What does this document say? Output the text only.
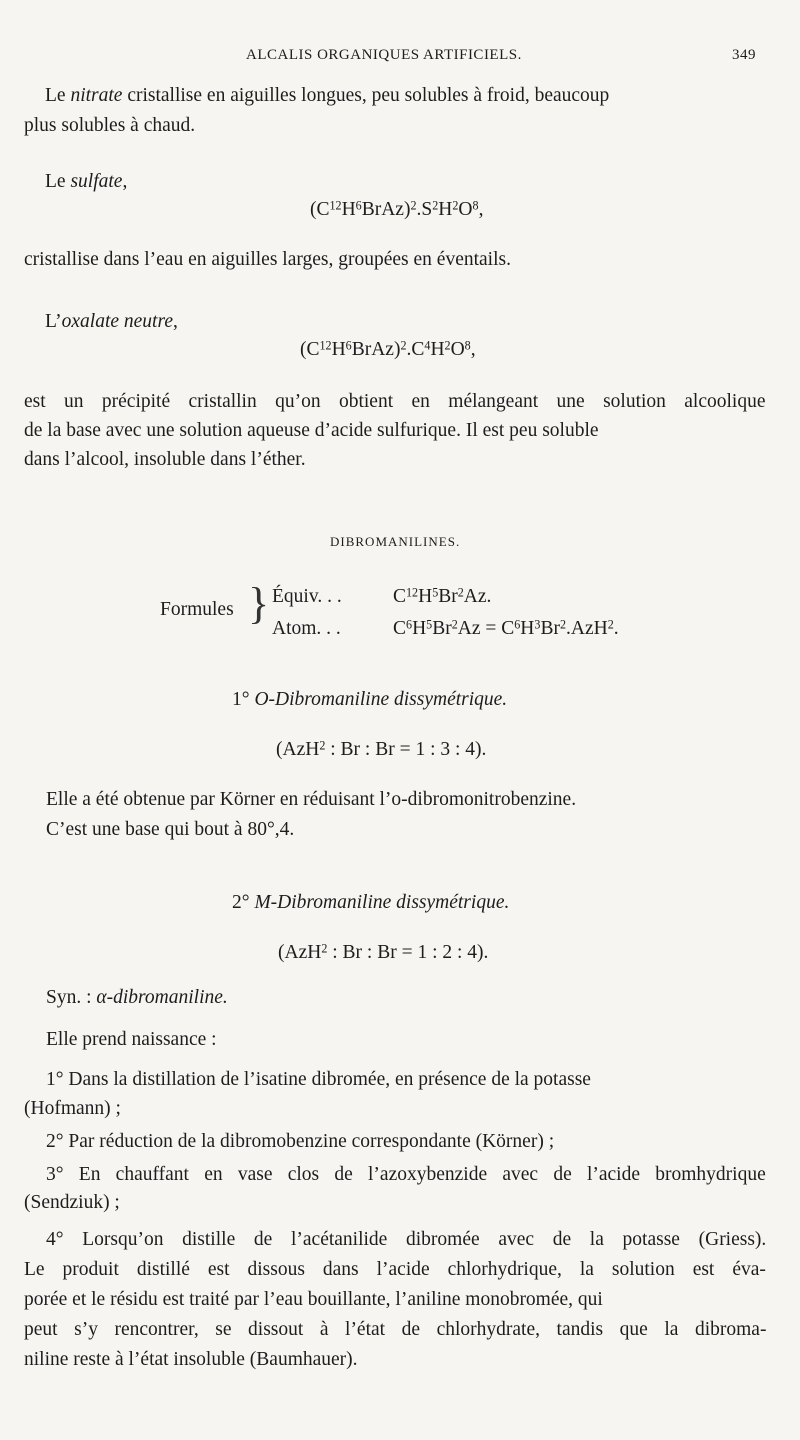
ALCALIS ORGANIQUES ARTIFICIELS.	349
Le nitrate cristallise en aiguilles longues, peu solubles à froid, beaucoup
plus solubles à chaud.
Le sulfate,
$(C^{12}H^6BrAz)^2.S^2H^2O^8$,
cristallise dans l’eau en aiguilles larges, groupées en éventails.
L’oxalate neutre,
$(C^{12}H^6BrAz)^2.C^4H^2O^8$,
est un précipité cristallin qu’on obtient en mélangeant une solution alcoolique
de la base avec une solution aqueuse d’acide sulfurique. Il est peu soluble
dans l’alcool, insoluble dans l’éther.
DIBROMANILINES.
Formules } Équiv. . .	$C^{12}H^5Br^2Az$.
Atom. . .	$C^6H^5Br^2Az = C^6H^3Br^2.AzH^2$.
1° O-Dibromaniline dissymétrique.
(AzH$^2$ : Br : Br = 1 : 3 : 4).
Elle a été obtenue par Körner en réduisant l’o-dibromonitrobenzine.
C’est une base qui bout à 80°,4.
2° M-Dibromaniline dissymétrique.
(AzH$^2$ : Br : Br = 1 : 2 : 4).
Syn. : α-dibromaniline.
Elle prend naissance :
1° Dans la distillation de l’isatine dibromée, en présence de la potasse
(Hofmann) ;
2° Par réduction de la dibromobenzine correspondante (Körner) ;
3° En chauffant en vase clos de l’azoxybenzide avec de l’acide bromhydrique
(Sendziuk) ;
4° Lorsqu’on distille de l’acétanilide dibromée avec de la potasse (Griess).
Le produit distillé est dissous dans l’acide chlorhydrique, la solution est éva-
porée et le résidu est traité par l’eau bouillante, l’aniline monobromée, qui
peut s’y rencontrer, se dissout à l’état de chlorhydrate, tandis que la dibroma-
niline reste à l’état insoluble (Baumhauer).
